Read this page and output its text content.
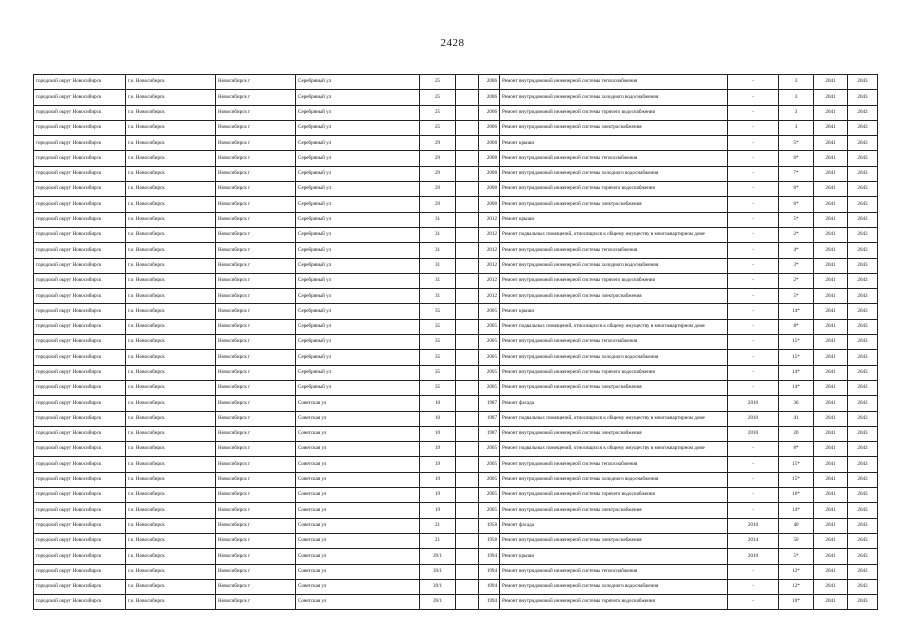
2428
городской округ Новосибирск	г.о. Новосибирск	Новосибирск г	Серебряный ул	25		2006	Ремонт внутридомовой инженерной системы теплоснабжения	-	3	2041	2043
городской округ Новосибирск	г.о. Новосибирск	Новосибирск г	Серебряный ул	25		2006	Ремонт внутридомовой инженерной системы холодного водоснабжения	-	3	2041	2043
городской округ Новосибирск	г.о. Новосибирск	Новосибирск г	Серебряный ул	25		2006	Ремонт внутридомовой инженерной системы горячего водоснабжения	-	3	2041	2043
городской округ Новосибирск	г.о. Новосибирск	Новосибирск г	Серебряный ул	25		2006	Ремонт внутридомовой инженерной системы электроснабжения	-	3	2041	2043
городской округ Новосибирск	г.о. Новосибирск	Новосибирск г	Серебряный ул	29		2008	Ремонт крыши	-	5*	2041	2043
городской округ Новосибирск	г.о. Новосибирск	Новосибирск г	Серебряный ул	29		2008	Ремонт внутридомовой инженерной системы теплоснабжения	-	6*	2041	2043
городской округ Новосибирск	г.о. Новосибирск	Новосибирск г	Серебряный ул	29		2008	Ремонт внутридомовой инженерной системы холодного водоснабжения	-	7*	2041	2043
городской округ Новосибирск	г.о. Новосибирск	Новосибирск г	Серебряный ул	29		2008	Ремонт внутридомовой инженерной системы горячего водоснабжения	-	6*	2041	2043
городской округ Новосибирск	г.о. Новосибирск	Новосибирск г	Серебряный ул	29		2008	Ремонт внутридомовой инженерной системы электроснабжения	-	6*	2041	2043
городской округ Новосибирск	г.о. Новосибирск	Новосибирск г	Серебряный ул	31		2012	Ремонт крыши	-	5*	2041	2043
городской округ Новосибирск	г.о. Новосибирск	Новосибирск г	Серебряный ул	31		2012	Ремонт подвальных помещений, относящихся к общему имуществу в многоквартирном доме	-	2*	2041	2043
городской округ Новосибирск	г.о. Новосибирск	Новосибирск г	Серебряный ул	31		2012	Ремонт внутридомовой инженерной системы теплоснабжения	-	4*	2041	2043
городской округ Новосибирск	г.о. Новосибирск	Новосибирск г	Серебряный ул	31		2012	Ремонт внутридомовой инженерной системы холодного водоснабжения	-	3*	2041	2043
городской округ Новосибирск	г.о. Новосибирск	Новосибирск г	Серебряный ул	31		2012	Ремонт внутридомовой инженерной системы горячего водоснабжения	-	2*	2041	2043
городской округ Новосибирск	г.о. Новосибирск	Новосибирск г	Серебряный ул	31		2012	Ремонт внутридомовой инженерной системы электроснабжения	-	5*	2041	2043
городской округ Новосибирск	г.о. Новосибирск	Новосибирск г	Серебряный ул	35		2005	Ремонт крыши	-	14*	2041	2043
городской округ Новосибирск	г.о. Новосибирск	Новосибирск г	Серебряный ул	35		2005	Ремонт подвальных помещений, относящихся к общему имуществу в многоквартирном доме	-	8*	2041	2043
городской округ Новосибирск	г.о. Новосибирск	Новосибирск г	Серебряный ул	35		2005	Ремонт внутридомовой инженерной системы теплоснабжения	-	15*	2041	2043
городской округ Новосибирск	г.о. Новосибирск	Новосибирск г	Серебряный ул	35		2005	Ремонт внутридомовой инженерной системы холодного водоснабжения	-	15*	2041	2043
городской округ Новосибирск	г.о. Новосибирск	Новосибирск г	Серебряный ул	35		2005	Ремонт внутридомовой инженерной системы горячего водоснабжения	-	14*	2041	2043
городской округ Новосибирск	г.о. Новосибирск	Новосибирск г	Серебряный ул	35		2005	Ремонт внутридомовой инженерной системы электроснабжения	-	14*	2041	2043
городской округ Новосибирск	г.о. Новосибирск	Новосибирск г	Советская ул	10		1987	Ремонт фасада	2010	36	2041	2043
городской округ Новосибирск	г.о. Новосибирск	Новосибирск г	Советская ул	10		1987	Ремонт подвальных помещений, относящихся к общему имуществу в многоквартирном доме	2010	41	2041	2043
городской округ Новосибирск	г.о. Новосибирск	Новосибирск г	Советская ул	10		1987	Ремонт внутридомовой инженерной системы электроснабжения	2010	20	2041	2043
городской округ Новосибирск	г.о. Новосибирск	Новосибирск г	Советская ул	19		2005	Ремонт подвальных помещений, относящихся к общему имуществу в многоквартирном доме	-	8*	2041	2043
городской округ Новосибирск	г.о. Новосибирск	Новосибирск г	Советская ул	19		2005	Ремонт внутридомовой инженерной системы теплоснабжения	-	15*	2041	2043
городской округ Новосибирск	г.о. Новосибирск	Новосибирск г	Советская ул	19		2005	Ремонт внутридомовой инженерной системы холодного водоснабжения	-	15*	2041	2043
городской округ Новосибирск	г.о. Новосибирск	Новосибирск г	Советская ул	19		2005	Ремонт внутридомовой инженерной системы горячего водоснабжения	-	16*	2041	2043
городской округ Новосибирск	г.о. Новосибирск	Новосибирск г	Советская ул	19		2005	Ремонт внутридомовой инженерной системы электроснабжения	-	14*	2041	2043
городской округ Новосибирск	г.о. Новосибирск	Новосибирск г	Советская ул	21		1958	Ремонт фасада	2010	40	2041	2043
городской округ Новосибирск	г.о. Новосибирск	Новосибирск г	Советская ул	21		1958	Ремонт внутридомовой инженерной системы электроснабжения	2014	50	2041	2043
городской округ Новосибирск	г.о. Новосибирск	Новосибирск г	Советская ул	39/1		1994	Ремонт крыши	2010	5*	2041	2043
городской округ Новосибирск	г.о. Новосибирск	Новосибирск г	Советская ул	39/1		1994	Ремонт внутридомовой инженерной системы теплоснабжения	-	12*	2041	2043
городской округ Новосибирск	г.о. Новосибирск	Новосибирск г	Советская ул	39/1		1994	Ремонт внутридомовой инженерной системы холодного водоснабжения	-	12*	2041	2043
городской округ Новосибирск	г.о. Новосибирск	Новосибирск г	Советская ул	39/1		1994	Ремонт внутридомовой инженерной системы горячего водоснабжения	-	10*	2041	2043
